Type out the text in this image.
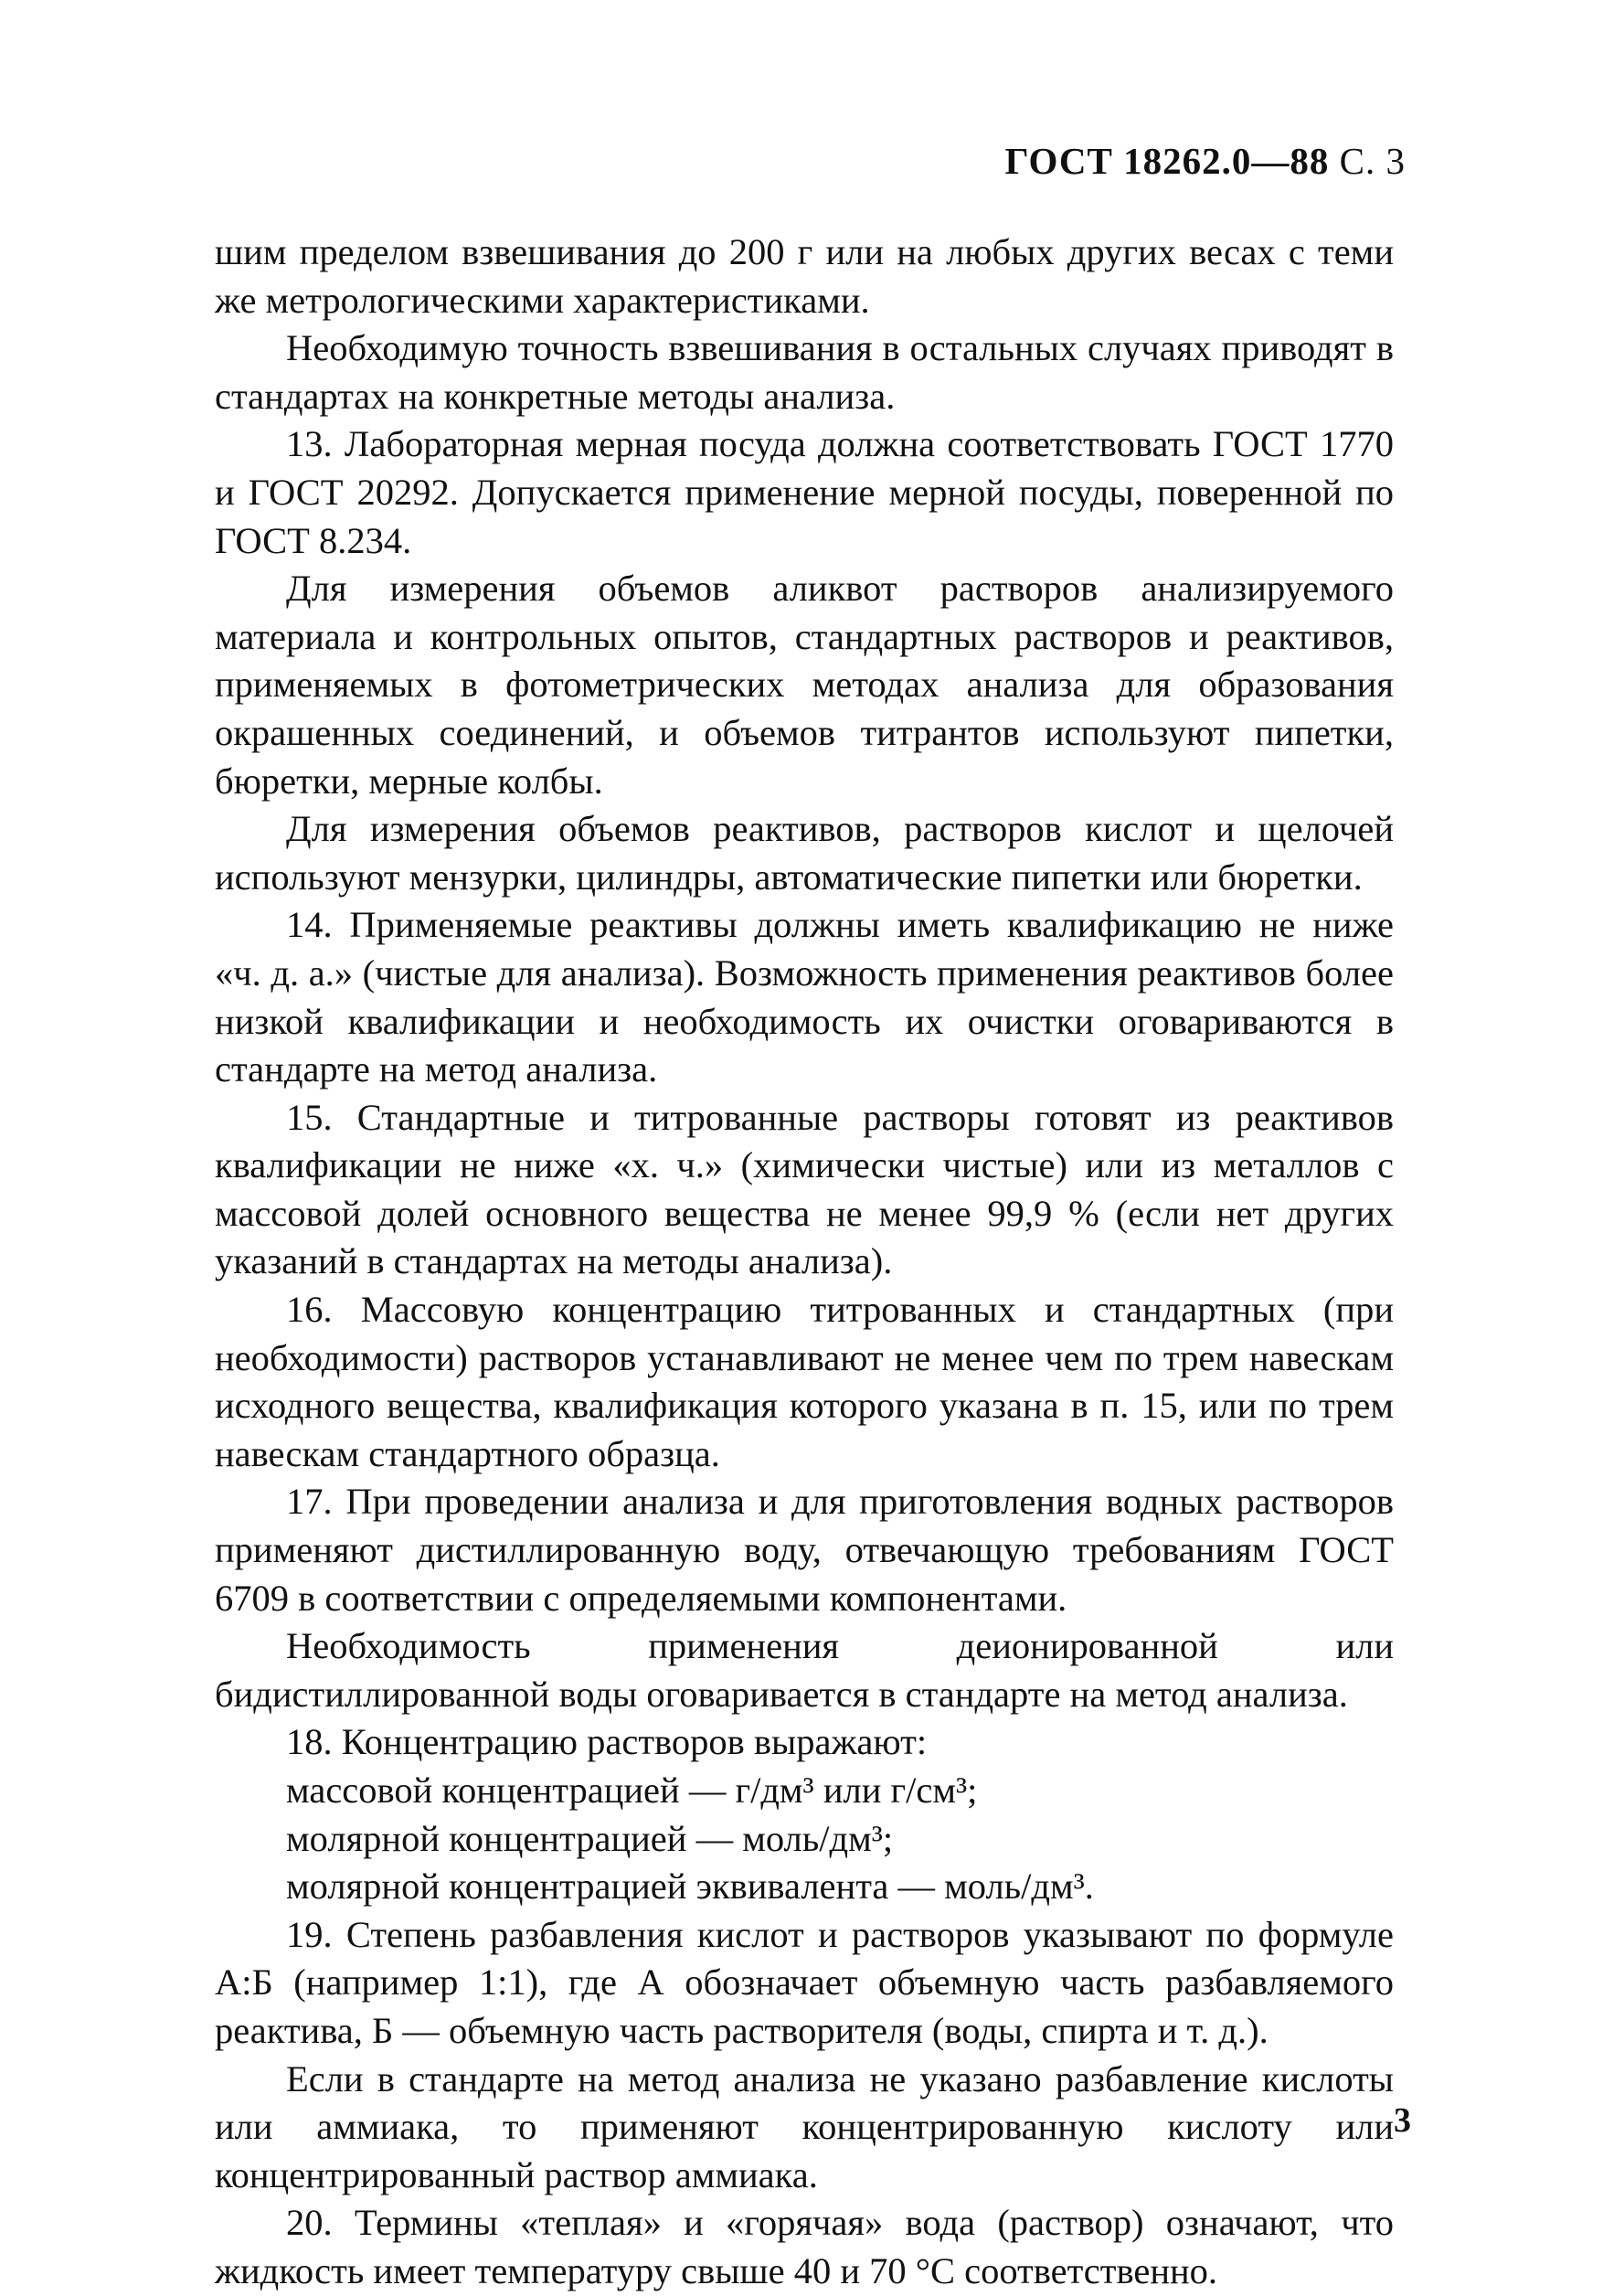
ГОСТ 18262.0—88 С. 3

шим пределом взвешивания до 200 г или на любых других весах с теми же метрологическими характеристиками.

Необходимую точность взвешивания в остальных случаях приводят в стандартах на конкретные методы анализа.

13. Лабораторная мерная посуда должна соответствовать ГОСТ 1770 и ГОСТ 20292. Допускается применение мерной посуды, поверенной по ГОСТ 8.234.

Для измерения объемов аликвот растворов анализируемого материала и контрольных опытов, стандартных растворов и реактивов, применяемых в фотометрических методах анализа для образования окрашенных соединений, и объемов титрантов используют пипетки, бюретки, мерные колбы.

Для измерения объемов реактивов, растворов кислот и щелочей используют мензурки, цилиндры, автоматические пипетки или бюретки.

14. Применяемые реактивы должны иметь квалификацию не ниже «ч. д. а.» (чистые для анализа). Возможность применения реактивов более низкой квалификации и необходимость их очистки оговариваются в стандарте на метод анализа.

15. Стандартные и титрованные растворы готовят из реактивов квалификации не ниже «х. ч.» (химически чистые) или из металлов с массовой долей основного вещества не менее 99,9 % (если нет других указаний в стандартах на методы анализа).

16. Массовую концентрацию титрованных и стандартных (при необходимости) растворов устанавливают не менее чем по трем навескам исходного вещества, квалификация которого указана в п. 15, или по трем навескам стандартного образца.

17. При проведении анализа и для приготовления водных растворов применяют дистиллированную воду, отвечающую требованиям ГОСТ 6709 в соответствии с определяемыми компонентами.

Необходимость применения деионированной или бидистиллированной воды оговаривается в стандарте на метод анализа.

18. Концентрацию растворов выражают:

массовой концентрацией — г/дм³ или г/см³;

молярной концентрацией — моль/дм³;

молярной концентрацией эквивалента — моль/дм³.

19. Степень разбавления кислот и растворов указывают по формуле А:Б (например 1:1), где А обозначает объемную часть разбавляемого реактива, Б — объемную часть растворителя (воды, спирта и т. д.).

Если в стандарте на метод анализа не указано разбавление кислоты или аммиака, то применяют концентрированную кислоту или концентрированный раствор аммиака.

20. Термины «теплая» и «горячая» вода (раствор) означают, что жидкость имеет температуру свыше 40 и 70 °С соответственно.

3
